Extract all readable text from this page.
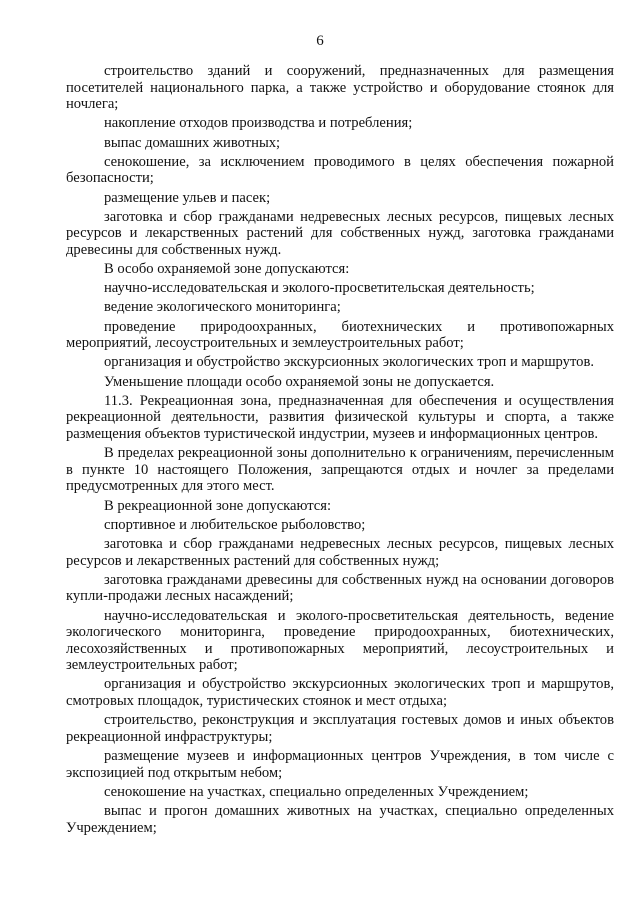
6

строительство зданий и сооружений, предназначенных для размещения посетителей национального парка, а также устройство и оборудование стоянок для ночлега;

накопление отходов производства и потребления;

выпас домашних животных;

сенокошение, за исключением проводимого в целях обеспечения пожарной безопасности;

размещение ульев и пасек;

заготовка и сбор гражданами недревесных лесных ресурсов, пищевых лесных ресурсов и лекарственных растений для собственных нужд, заготовка гражданами древесины для собственных нужд.

В особо охраняемой зоне допускаются:

научно-исследовательская и эколого-просветительская деятельность;

ведение экологического мониторинга;

проведение природоохранных, биотехнических и противопожарных мероприятий, лесоустроительных и землеустроительных работ;

организация и обустройство экскурсионных экологических троп и маршрутов.

Уменьшение площади особо охраняемой зоны не допускается.

11.3. Рекреационная зона, предназначенная для обеспечения и осуществления рекреационной деятельности, развития физической культуры и спорта, а также размещения объектов туристической индустрии, музеев и информационных центров.

В пределах рекреационной зоны дополнительно к ограничениям, перечисленным в пункте 10 настоящего Положения, запрещаются отдых и ночлег за пределами предусмотренных для этого мест.

В рекреационной зоне допускаются:

спортивное и любительское рыболовство;

заготовка и сбор гражданами недревесных лесных ресурсов, пищевых лесных ресурсов и лекарственных растений для собственных нужд;

заготовка гражданами древесины для собственных нужд на основании договоров купли-продажи лесных насаждений;

научно-исследовательская и эколого-просветительская деятельность, ведение экологического мониторинга, проведение природоохранных, биотехнических, лесохозяйственных и противопожарных мероприятий, лесоустроительных и землеустроительных работ;

организация и обустройство экскурсионных экологических троп и маршрутов, смотровых площадок, туристических стоянок и мест отдыха;

строительство, реконструкция и эксплуатация гостевых домов и иных объектов рекреационной инфраструктуры;

размещение музеев и информационных центров Учреждения, в том числе с экспозицией под открытым небом;

сенокошение на участках, специально определенных Учреждением;

выпас и прогон домашних животных на участках, специально определенных Учреждением;
